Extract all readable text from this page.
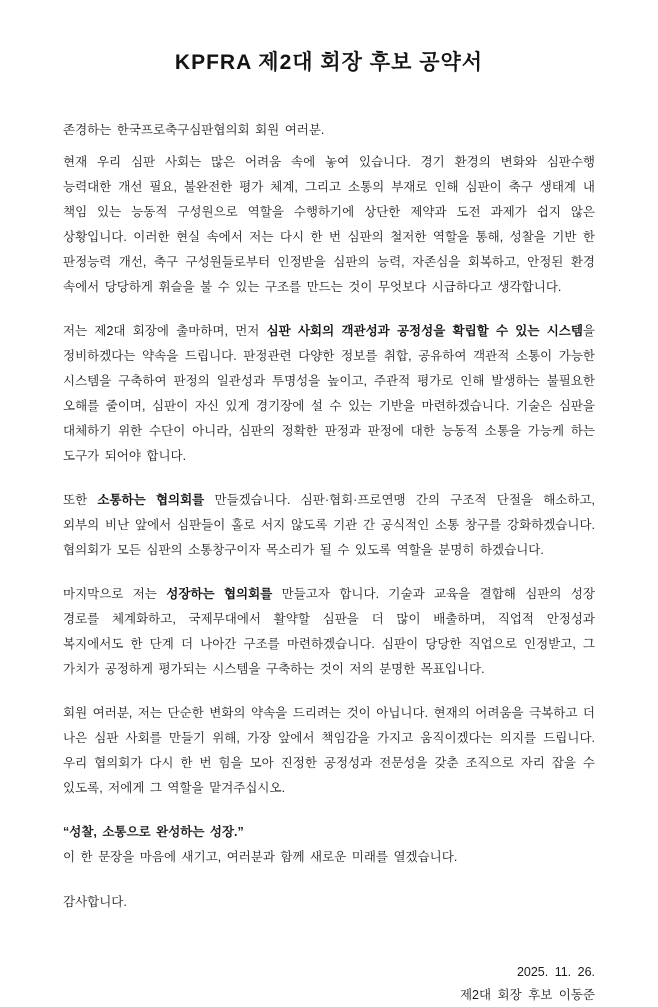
KPFRA 제2대 회장 후보 공약서

존경하는 한국프로축구심판협의회 회원 여러분.

현재 우리 심판 사회는 많은 어려움 속에 놓여 있습니다. 경기 환경의 변화와 심판수행 능력대한 개선 필요, 불완전한 평가 체계, 그리고 소통의 부재로 인해 심판이 축구 생태계 내 책임 있는 능동적 구성원으로 역할을 수행하기에 상단한 제약과 도전 과제가 쉽지 않은 상황입니다. 이러한 현실 속에서 저는 다시 한 번 심판의 철저한 역할을 통해, 성찰을 기반 한 판정능력 개선, 축구 구성원들로부터 인정받을 심판의 능력, 자존심을 회복하고, 안정된 환경 속에서 당당하게 휘슬을 불 수 있는 구조를 만드는 것이 무엇보다 시급하다고 생각합니다.

저는 제2대 회장에 출마하며, 먼저 심판 사회의 객관성과 공정성을 확립할 수 있는 시스템을 정비하겠다는 약속을 드립니다. 판정관련 다양한 정보를 취합, 공유하여 객관적 소통이 가능한 시스템을 구축하여 판정의 일관성과 투명성을 높이고, 주관적 평가로 인해 발생하는 불필요한 오해를 줄이며, 심판이 자신 있게 경기장에 설 수 있는 기반을 마련하겠습니다. 기술은 심판을 대체하기 위한 수단이 아니라, 심판의 정확한 판정과 판정에 대한 능동적 소통을 가능케 하는 도구가 되어야 합니다.

또한 소통하는 협의회를 만들겠습니다. 심판·협회·프로연맹 간의 구조적 단절을 해소하고, 외부의 비난 앞에서 심판들이 홀로 서지 않도록 기관 간 공식적인 소통 창구를 강화하겠습니다. 협의회가 모든 심판의 소통창구이자 목소리가 될 수 있도록 역할을 분명히 하겠습니다.

마지막으로 저는 성장하는 협의회를 만들고자 합니다. 기술과 교육을 결합해 심판의 성장 경로를 체계화하고, 국제무대에서 활약할 심판을 더 많이 배출하며, 직업적 안정성과 복지에서도 한 단계 더 나아간 구조를 마련하겠습니다. 심판이 당당한 직업으로 인정받고, 그 가치가 공정하게 평가되는 시스템을 구축하는 것이 저의 분명한 목표입니다.

회원 여러분, 저는 단순한 변화의 약속을 드리려는 것이 아닙니다. 현재의 어려움을 극복하고 더 나은 심판 사회를 만들기 위해, 가장 앞에서 책임감을 가지고 움직이겠다는 의지를 드립니다. 우리 협의회가 다시 한 번 힘을 모아 진정한 공정성과 전문성을 갖춘 조직으로 자리 잡을 수 있도록, 저에게 그 역할을 맡겨주십시오.

“성찰, 소통으로 완성하는 성장.”

이 한 문장을 마음에 새기고, 여러분과 함께 새로운 미래를 열겠습니다.

감사합니다.

2025. 11. 26.

제2대 회장 후보 이동준
